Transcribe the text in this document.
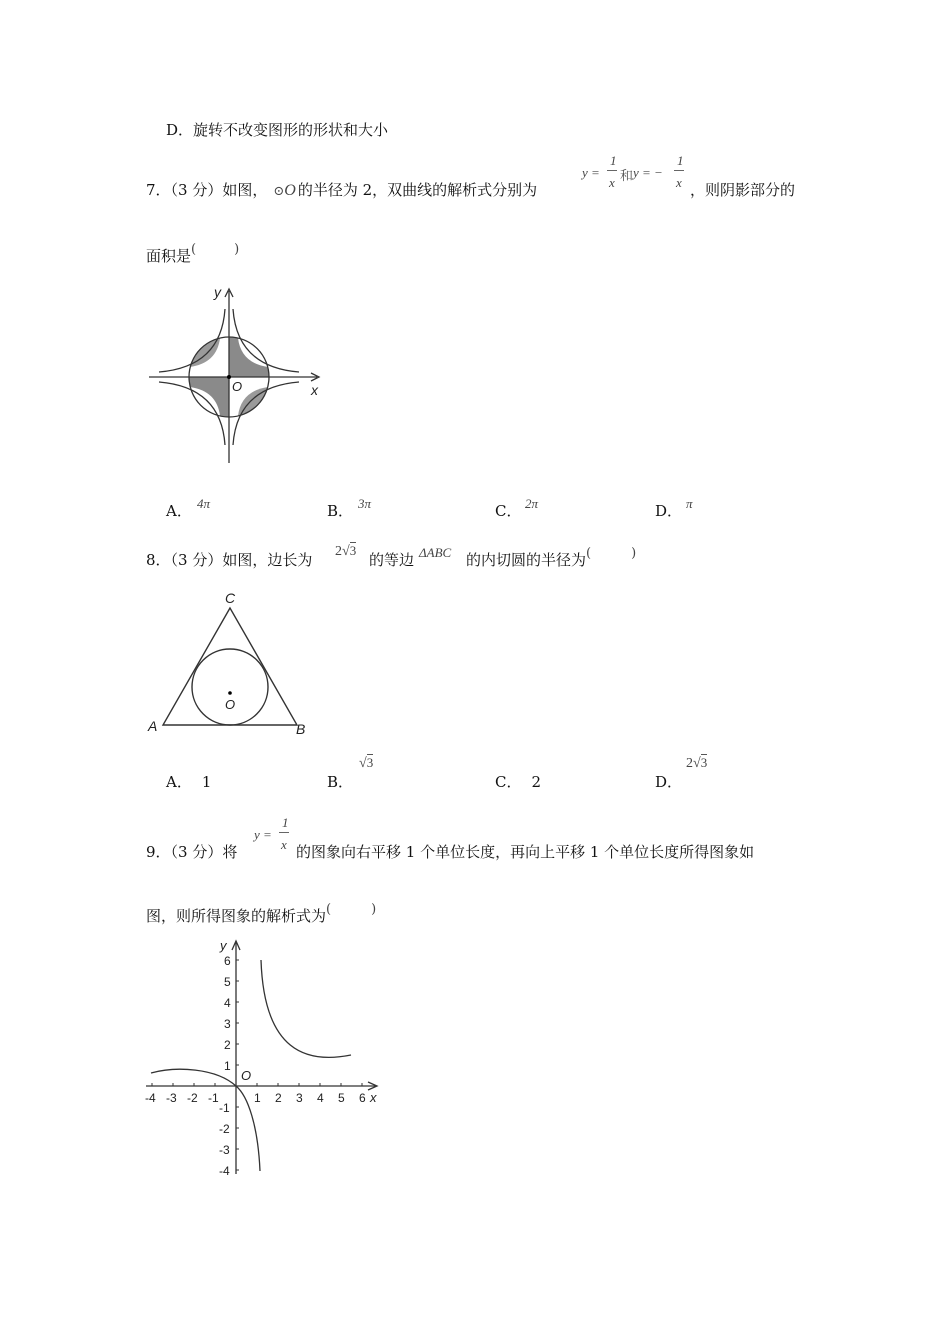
D．旋转不改变图形的形状和大小
7．（3 分）如图， ⊙O 的半径为 2，双曲线的解析式分别为
y =
1
x 和 y = −
1
x ，则阴影部分的
面积是(	)
y
x
O
A． 4π	B． 3π	C． 2π	D． π
8．（3 分）如图，边长为 2√3
的等边 ΔABC 的内切圆的半径为(	)
C
A	B
O
A． 1	B．
√3
C． 2	D．
2√3
9．（3 分）将
y =
1
x 的图象向右平移 1 个单位长度，再向上平移 1 个单位长度所得图象如
图，则所得图象的解析式为(	)
-4 -3 -2 -1	1 2 3 4 5 6
6
5
4
3
2
1
-1
-2
-3
-4
y
x
O
